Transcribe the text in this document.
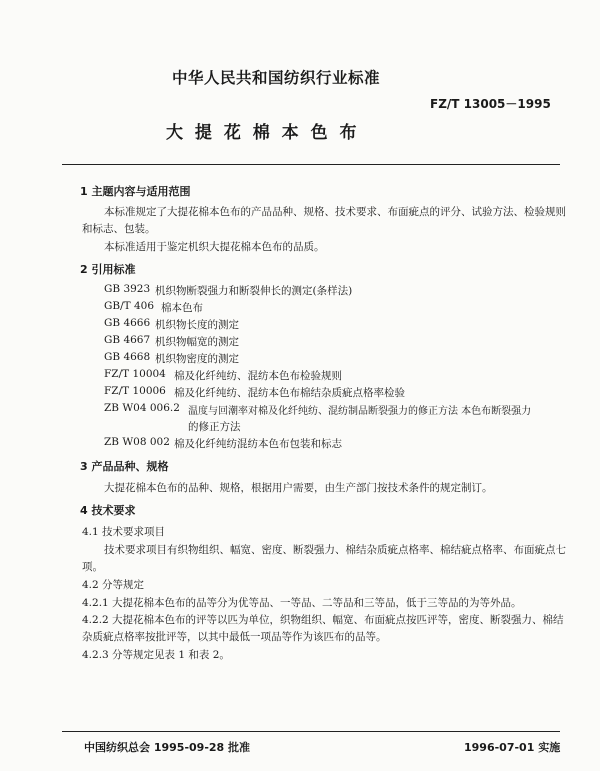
中华人民共和国纺织行业标准
FZ/T 13005－1995
大 提 花 棉 本 色 布
1 主题内容与适用范围
本标准规定了大提花棉本色布的产品品种、规格、技术要求、布面疵点的评分、试验方法、检验规则
和标志、包装。
本标准适用于鉴定机织大提花棉本色布的品质。
2 引用标准
GB 3923 机织物断裂强力和断裂伸长的测定(条样法)
GB/T 406 棉本色布
GB 4666 机织物长度的测定
GB 4667 机织物幅宽的测定
GB 4668 机织物密度的测定
FZ/T 10004 棉及化纤纯纺、混纺本色布检验规则
FZ/T 10006 棉及化纤纯纺、混纺本色布棉结杂质疵点格率检验
ZB W04 006.2 温度与回潮率对棉及化纤纯纺、混纺制品断裂强力的修正方法 本色布断裂强力
的修正方法
ZB W08 002 棉及化纤纯纺混纺本色布包装和标志
3 产品品种、规格
大提花棉本色布的品种、规格，根据用户需要，由生产部门按技术条件的规定制订。
4 技术要求
4.1 技术要求项目
技术要求项目有织物组织、幅宽、密度、断裂强力、棉结杂质疵点格率、棉结疵点格率、布面疵点七
项。
4.2 分等规定
4.2.1 大提花棉本色布的品等分为优等品、一等品、二等品和三等品，低于三等品的为等外品。
4.2.2 大提花棉本色布的评等以匹为单位，织物组织、幅宽、布面疵点按匹评等，密度、断裂强力、棉结
杂质疵点格率按批评等，以其中最低一项品等作为该匹布的品等。
4.2.3 分等规定见表 1 和表 2。
中国纺织总会 1995-09-28 批准	1996-07-01 实施
